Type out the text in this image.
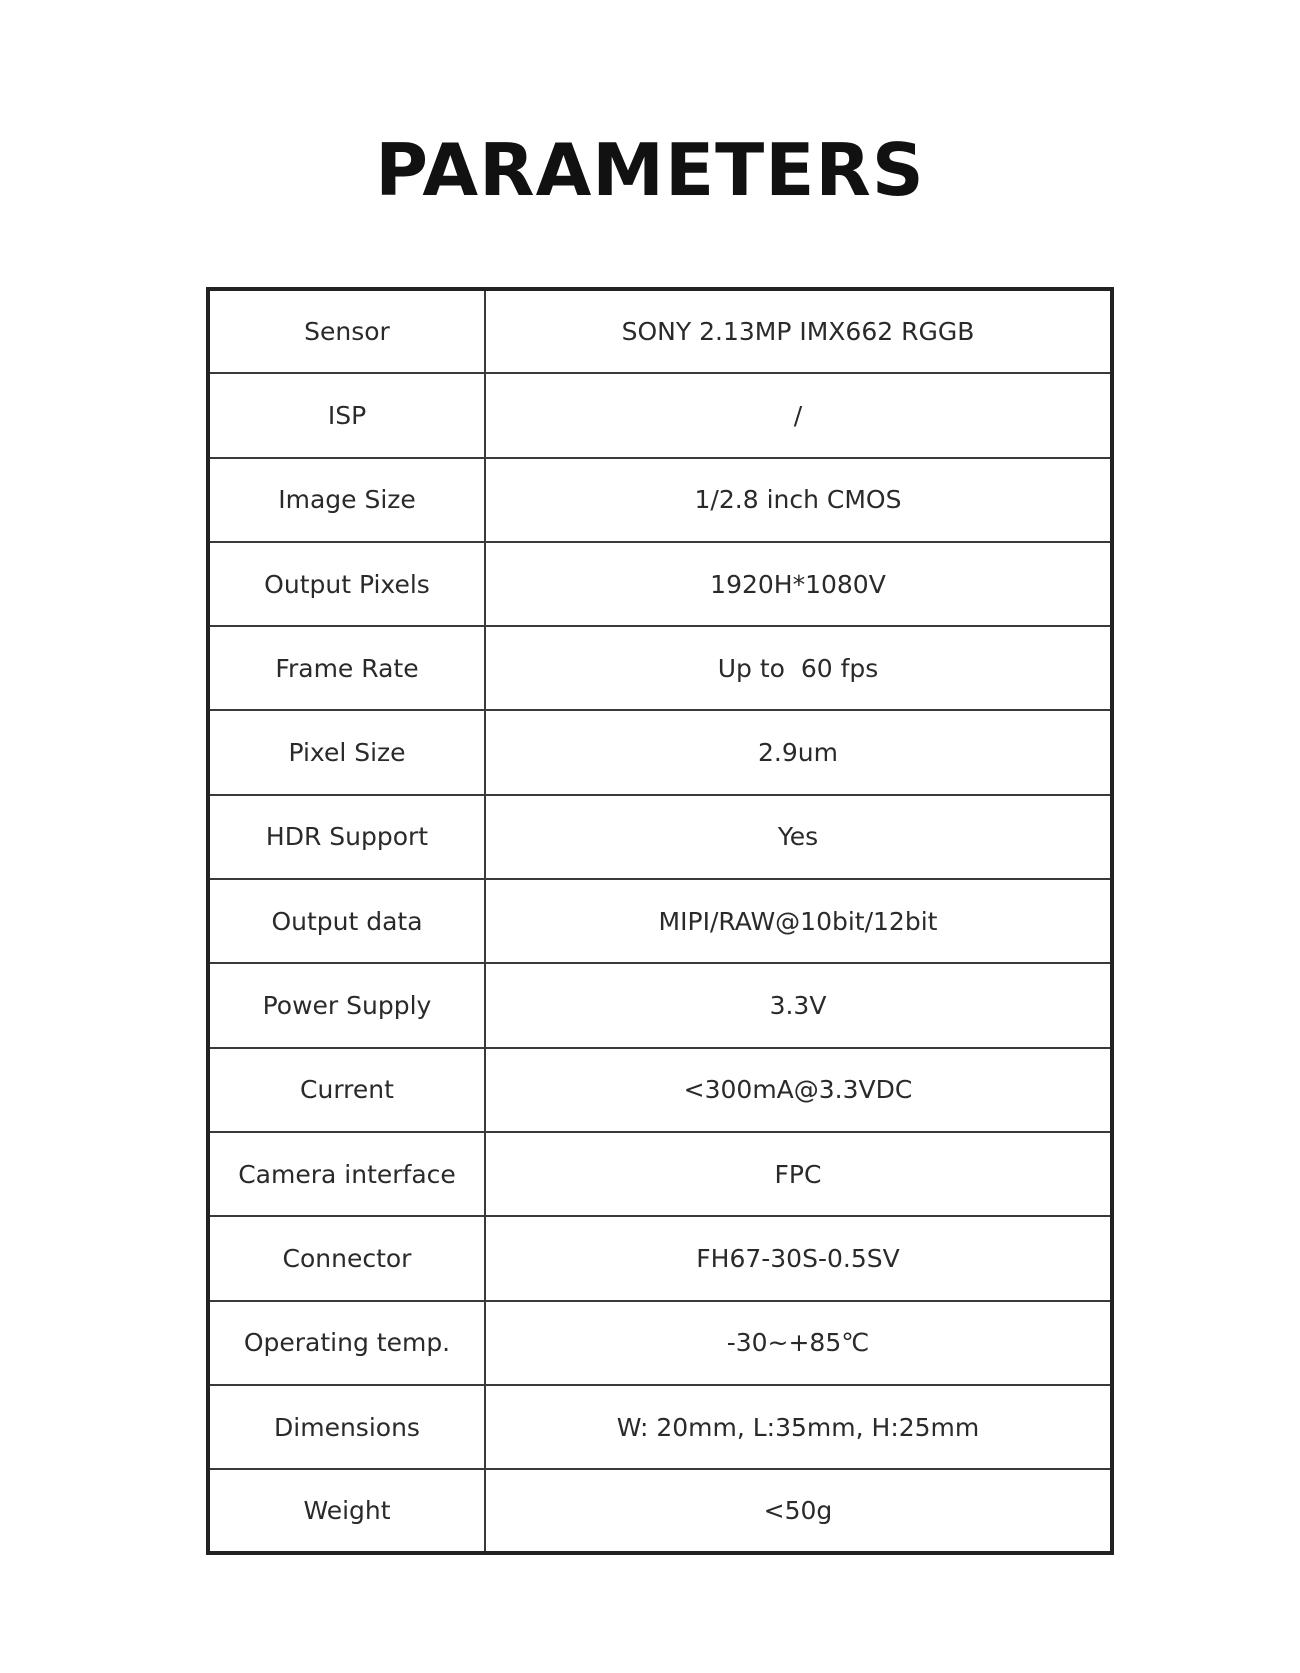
PARAMETERS
Sensor	SONY 2.13MP IMX662 RGGB
ISP	/
Image Size	1/2.8 inch CMOS
Output Pixels	1920H*1080V
Frame Rate	Up to  60 fps
Pixel Size	2.9um
HDR Support	Yes
Output data	MIPI/RAW@10bit/12bit
Power Supply	3.3V
Current	<300mA@3.3VDC
Camera interface	FPC
Connector	FH67-30S-0.5SV
Operating temp.	-30~+85℃
Dimensions	W: 20mm, L:35mm, H:25mm
Weight	<50g
